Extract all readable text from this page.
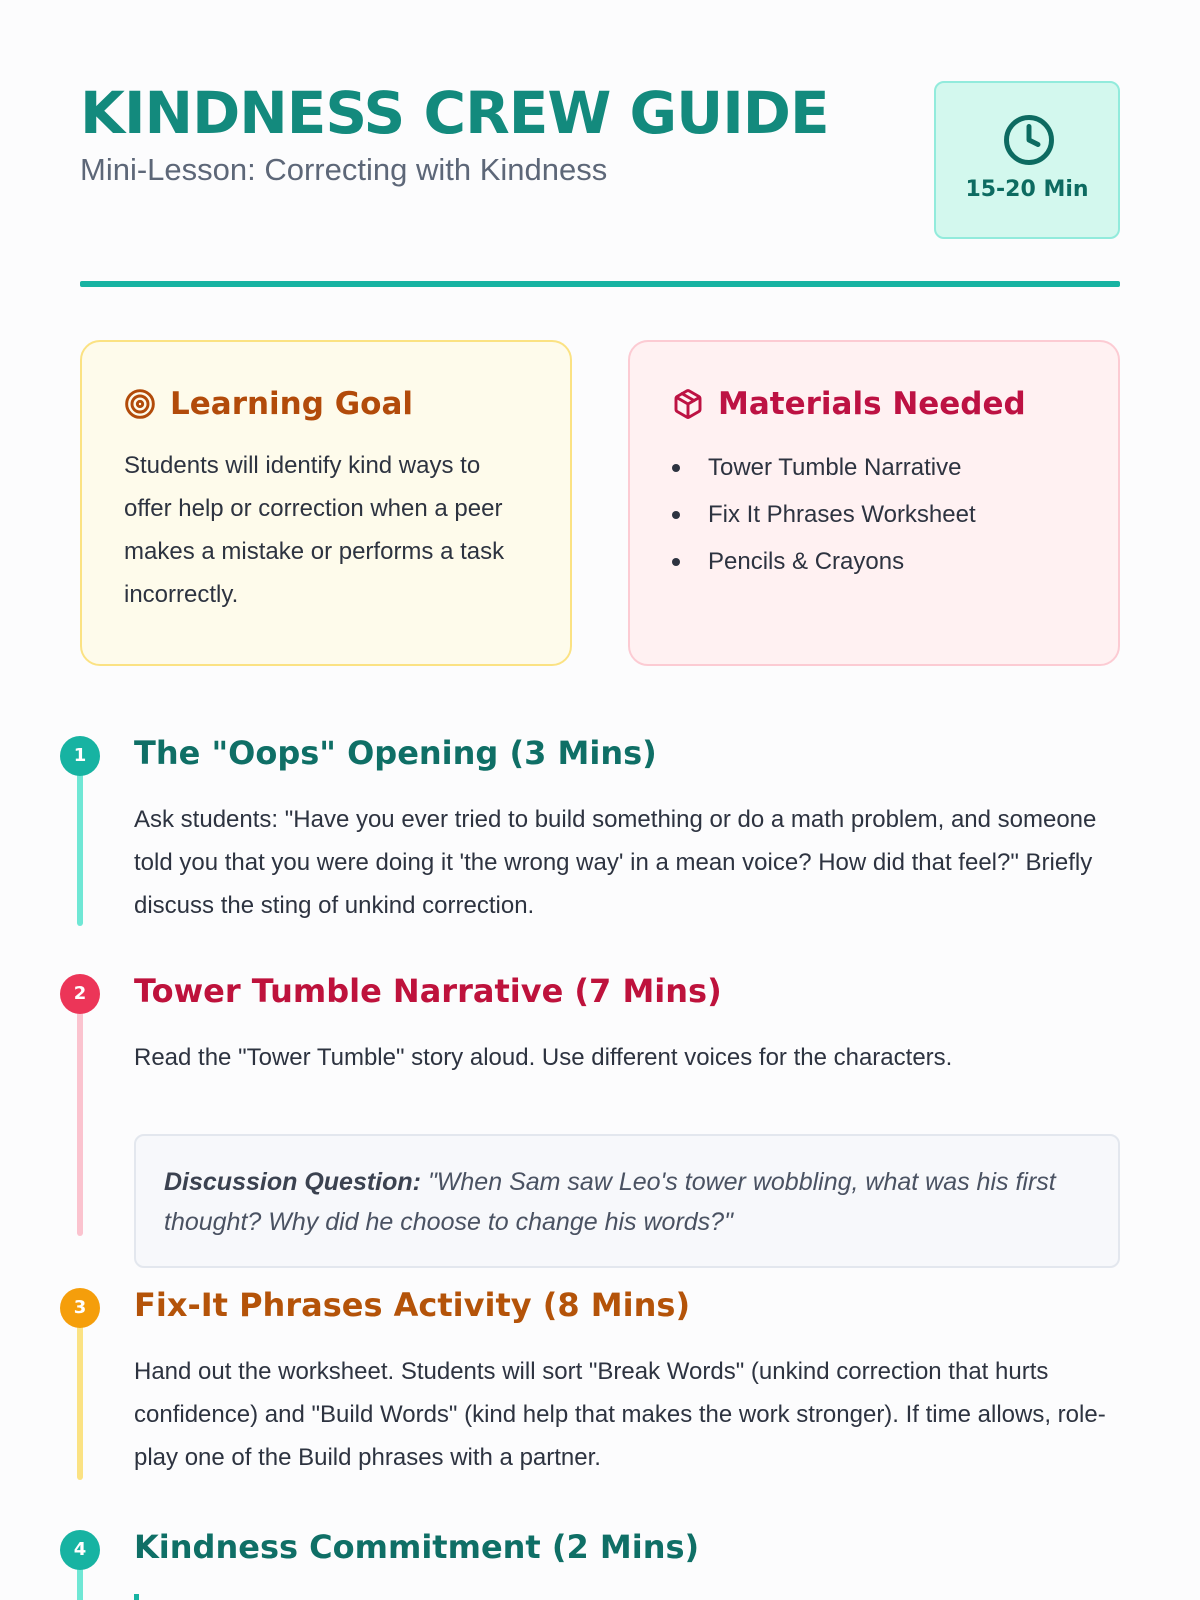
KINDNESS CREW GUIDE
Mini-Lesson: Correcting with Kindness
15-20 Min
Learning Goal

Students will identify kind ways to offer help or correction when a peer makes a mistake or performs a task incorrectly.

Materials Needed
Tower Tumble Narrative
Fix It Phrases Worksheet
Pencils & Crayons
1	The "Oops" Opening (3 Mins)

Ask students: "Have you ever tried to build something or do a math problem, and someone told you that you were doing it 'the wrong way' in a mean voice? How did that feel?" Briefly discuss the sting of unkind correction.

2	Tower Tumble Narrative (7 Mins)

Read the "Tower Tumble" story aloud. Use different voices for the characters.

Discussion Question: "When Sam saw Leo's tower wobbling, what was his first thought? Why did he choose to change his words?"
3	Fix-It Phrases Activity (8 Mins)

Hand out the worksheet. Students will sort "Break Words" (unkind correction that hurts confidence) and "Build Words" (kind help that makes the work stronger). If time allows, role-play one of the Build phrases with a partner.

4	Kindness Commitment (2 Mins)
